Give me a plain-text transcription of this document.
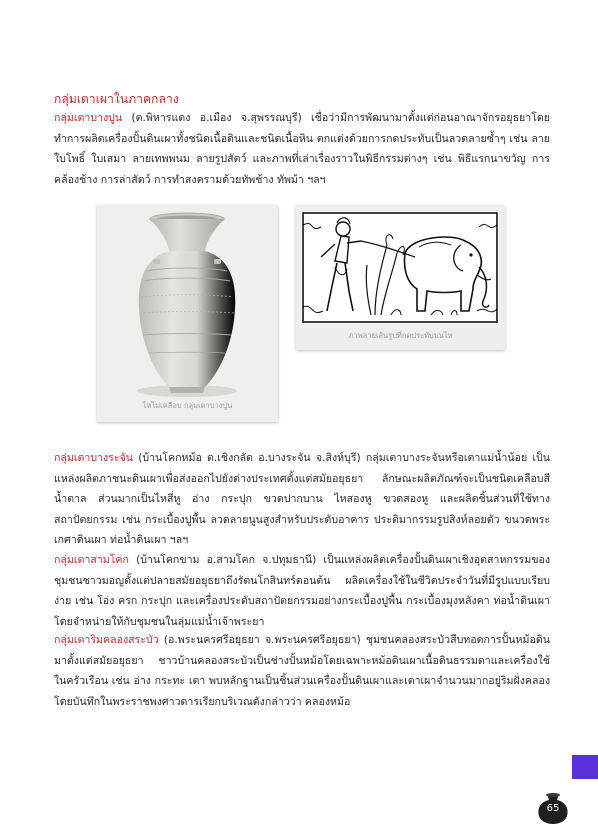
กลุ่มเตาเผาในภาคกลาง
กลุ่มเตาบางปูน (ต.พิหารแดง อ.เมือง จ.สุพรรณบุรี) เชื่อว่ามีการพัฒนามาตั้งแต่ก่อนอาณาจักรอยุธยาโดยทำการผลิตเครื่องปั้นดินเผาทั้งชนิดเนื้อดินและชนิดเนื้อหิน ตกแต่งด้วยการกดประทับเป็นลวดลายซ้ำๆ เช่น ลายใบโพธิ์ ใบเสมา ลายเทพพนม ลายรูปสัตว์ และภาพที่เล่าเรื่องราวในพิธีกรรมต่างๆ เช่น พิธีแรกนาขวัญ การคล้องช้าง การล่าสัตว์ การทำสงครามด้วยทัพช้าง ทัพม้า ฯลฯ
ไหไม่เคลือบ กลุ่มเตาบางปูน
ภาพลายเส้นรูปที่กดประทับบนไห
กลุ่มเตาบางระจัน (บ้านโคกหม้อ ต.เชิงกลัด อ.บางระจัน จ.สิงห์บุรี) กลุ่มเตาบางระจันหรือเตาแม่น้ำน้อย เป็นแหล่งผลิตภาชนะดินเผาเพื่อส่งออกไปยังต่างประเทศตั้งแต่สมัยอยุธยา ลักษณะผลิตภัณฑ์จะเป็นชนิดเคลือบสีน้ำตาล ส่วนมากเป็นไหสี่หู อ่าง กระปุก ขวดปากบาน ไหสองหู ขวดสองหู และผลิตชิ้นส่วนที่ใช้ทางสถาปัตยกรรม เช่น กระเบื้องปูพื้น ลวดลายนูนสูงสำหรับประดับอาคาร ประติมากรรมรูปสิงห์ลอยตัว ขนวดพระเกศาดินเผา ท่อน้ำดินเผา ฯลฯ
กลุ่มเตาสามโคก (บ้านโคกขาม อ.สามโคก จ.ปทุมธานี) เป็นแหล่งผลิตเครื่องปั้นดินเผาเชิงอุตสาหกรรมของชุมชนชาวมอญตั้งแต่ปลายสมัยอยุธยาถึงรัตนโกสินทร์ตอนต้น ผลิตเครื่องใช้ในชีวิตประจำวันที่มีรูปแบบเรียบง่าย เช่น โอ่ง ครก กระปุก และเครื่องประดับสถาปัตยกรรมอย่างกระเบื้องปูพื้น กระเบื้องมุงหลังคา ท่อน้ำดินเผา โดยจำหน่ายให้กับชุมชนในลุ่มแม่น้ำเจ้าพระยา
กลุ่มเตาริมคลองสระบัว (อ.พระนครศรีอยุธยา จ.พระนครศรีอยุธยา) ชุมชนคลองสระบัวสืบทอดการปั้นหม้อดินมาตั้งแต่สมัยอยุธยา ชาวบ้านคลองสระบัวเป็นช่างปั้นหม้อโดยเฉพาะหม้อดินเผาเนื้อดินธรรมดาและเครื่องใช้ในครัวเรือน เช่น อ่าง กระทะ เตา พบหลักฐานเป็นชิ้นส่วนเครื่องปั้นดินเผาและเตาเผาจำนวนมากอยู่ริมฝั่งคลอง โดยบันทึกในพระราชพงศาวดารเรียกบริเวณดังกล่าวว่า คลองหม้อ
65
